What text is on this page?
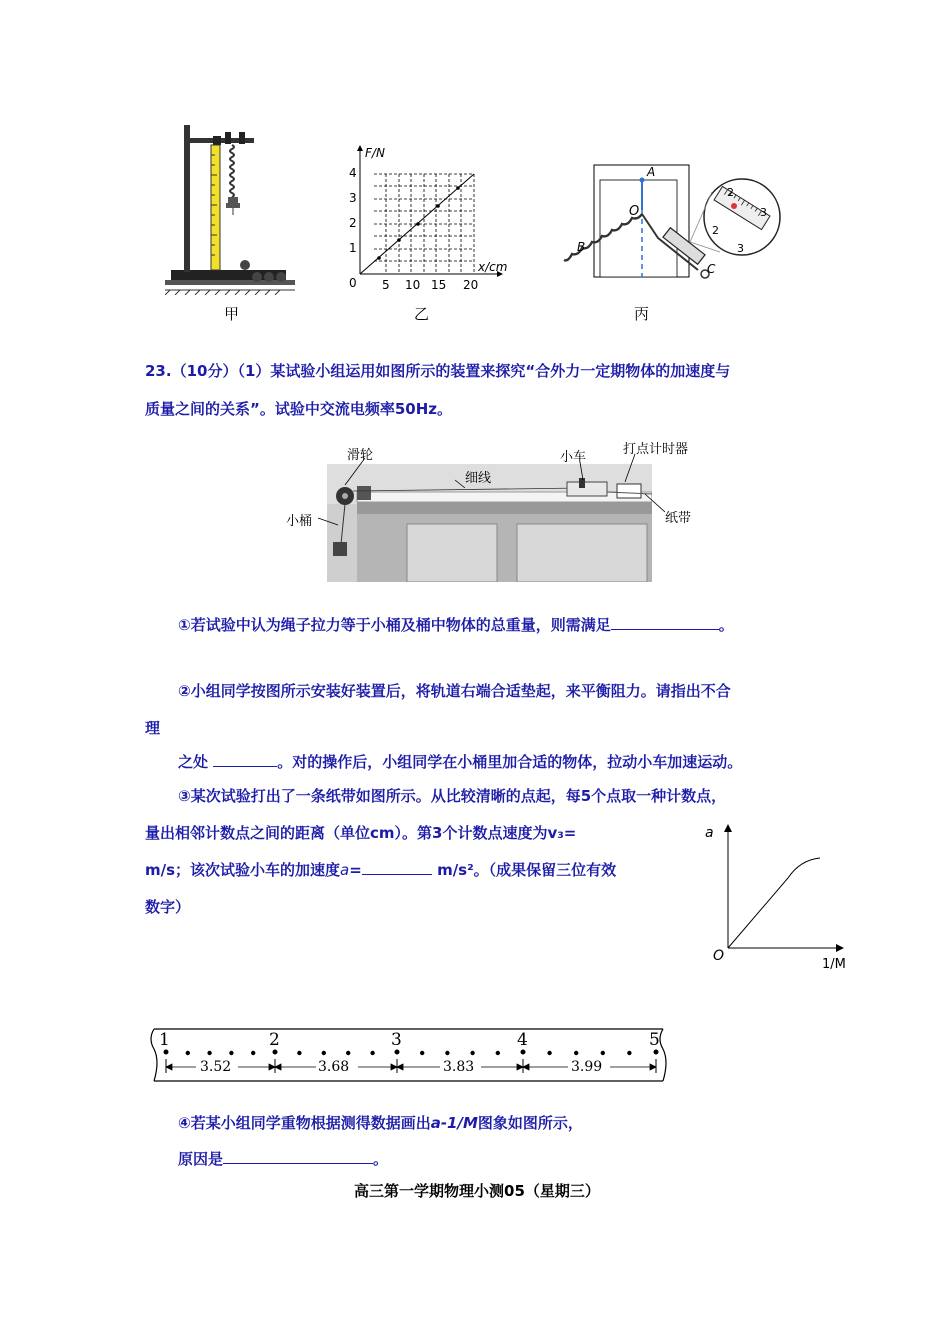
甲
F/N
x/cm
4
3
2
1
0 5 10 15 20
乙
A
O
B
C
2
3
2
3
丙
23.（10分）（1）某试验小组运用如图所示的装置来探究“合外力一定期物体的加速度与
质量之间的关系”。试验中交流电频率50Hz。
滑轮
细线
小车
打点计时器
小桶	纸带
①若试验中认为绳子拉力等于小桶及桶中物体的总重量，则需满足	。
②小组同学按图所示安装好装置后，将轨道右端合适垫起，来平衡阻力。请指出不合
理
之处	。对的操作后，小组同学在小桶里加合适的物体，拉动小车加速运动。
③某次试验打出了一条纸带如图所示。从比较清晰的点起，每5个点取一种计数点，
量出相邻计数点之间的距离（单位cm）。第3个计数点速度为v₃=
m/s；该次试验小车的加速度a=	m/s²。（成果保留三位有效
数字）
a
O
1/M
1	2	3	4	5
3.52	3.68	3.83	3.99
④若某小组同学重物根据测得数据画出a-1/M图象如图所示，
原因是	。
高三第一学期物理小测05（星期三）
